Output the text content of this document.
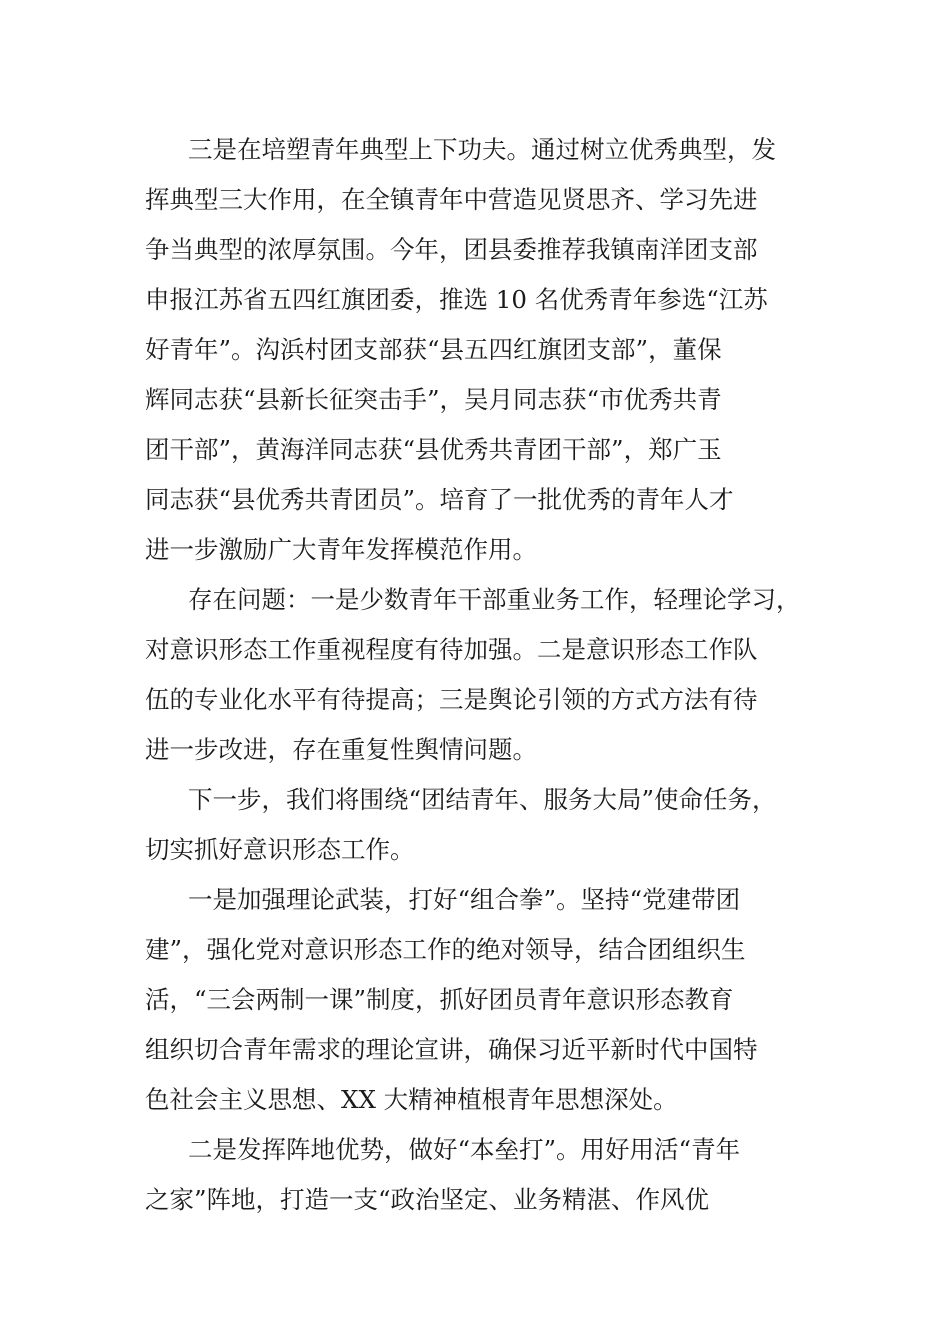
三是在培塑青年典型上下功夫。通过树立优秀典型，发
挥典型三大作用，在全镇青年中营造见贤思齐、学习先进
争当典型的浓厚氛围。今年，团县委推荐我镇南洋团支部
申报江苏省五四红旗团委，推选 10 名优秀青年参选“江苏
好青年”。沟浜村团支部获“县五四红旗团支部”，董保
辉同志获“县新长征突击手”，吴月同志获“市优秀共青
团干部”，黄海洋同志获“县优秀共青团干部”，郑广玉
同志获“县优秀共青团员”。培育了一批优秀的青年人才
进一步激励广大青年发挥模范作用。
存在问题：一是少数青年干部重业务工作，轻理论学习，
对意识形态工作重视程度有待加强。二是意识形态工作队
伍的专业化水平有待提高；三是舆论引领的方式方法有待
进一步改进，存在重复性舆情问题。
下一步，我们将围绕“团结青年、服务大局”使命任务，
切实抓好意识形态工作。
一是加强理论武装，打好“组合拳”。坚持“党建带团
建”，强化党对意识形态工作的绝对领导，结合团组织生
活，“三会两制一课”制度，抓好团员青年意识形态教育
组织切合青年需求的理论宣讲，确保习近平新时代中国特
色社会主义思想、XX 大精神植根青年思想深处。
二是发挥阵地优势，做好“本垒打”。用好用活“青年
之家”阵地，打造一支“政治坚定、业务精湛、作风优
